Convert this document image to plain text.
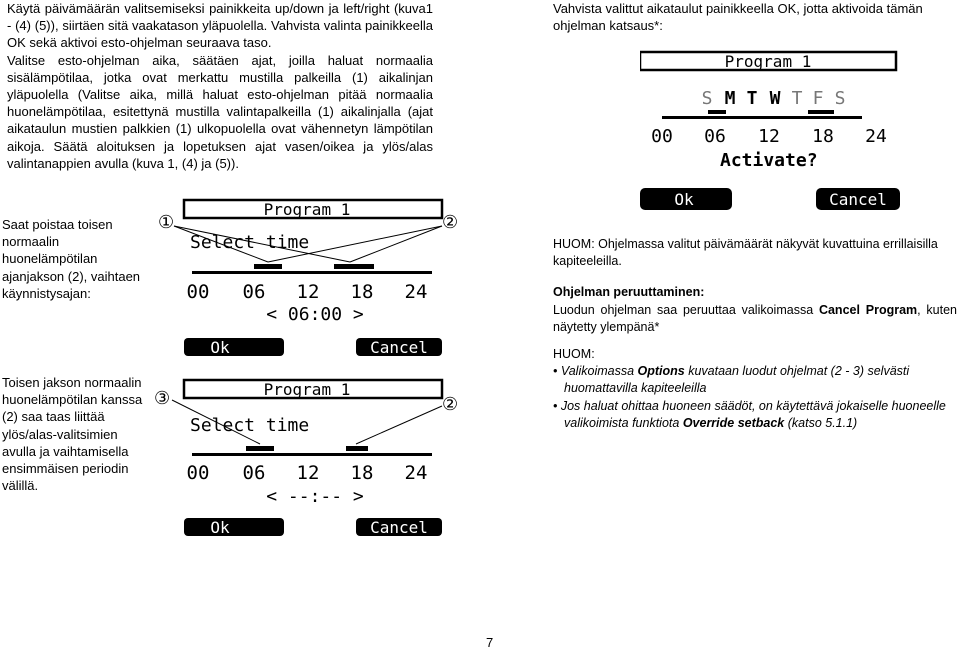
Käytä päivämäärän valitsemiseksi painikkeita up/down ja left/right (kuva1 - (4) (5)), siirtäen sitä vaakatason yläpuolella. Vahvista valinta painikkeella OK sekä aktivoi esto-ohjelman seuraava taso.

Valitse esto-ohjelman aika, säätäen ajat, joilla haluat normaalia sisälämpötilaa, jotka ovat merkattu mustilla palkeilla (1) aikalinjan yläpuolella (Valitse aika, millä haluat esto-ohjelman pitää normaalia huonelämpötilaa, esitettynä mustilla valintapalkeilla (1) aikalinjalla (ajat aikataulun mustien palkkien (1) ulkopuolella ovat vähennetyn lämpötilan aikoja. Säätä aloituksen ja lopetuksen ajat vasen/oikea ja ylös/alas valintanappien avulla (kuva 1, (4) ja (5)).

Vahvista valittut aikataulut painikkeella OK, jotta aktivoida tämän ohjelman katsaus*:
Program 1
S M T W T F S
00 06 12 18 24
Activate?
Ok	Cancel
Saat poistaa toisen normaalin huonelämpötilan ajanjakson (2), vaihtaen käynnistysajan:
①	②
Program 1
Select time
00 06 12 18 24
< 06:00 >
Ok	Cancel
HUOM: Ohjelmassa valitut päivämäärät näkyvät kuvattuina errillaisilla kapiteeleilla.
Ohjelman peruuttaminen:
Luodun ohjelman saa peruuttaa valikoimassa Cancel Program, kuten näytetty ylempänä*
Toisen jakson normaalin huonelämpötilan kanssa (2) saa taas liittää ylös/alas-valitsimien avulla ja vaihtamisella ensimmäisen periodin välillä.
③	②
Program 1
Select time
00 06 12 18 24
< --:-- >
Ok	Cancel
HUOM:
• Valikoimassa Options kuvataan luodut ohjelmat (2 - 3) selvästi huomattavilla kapiteeleilla
• Jos haluat ohittaa huoneen säädöt, on käytettävä jokaiselle huoneelle valikoimista funktiota Override setback (katso 5.1.1)
7
